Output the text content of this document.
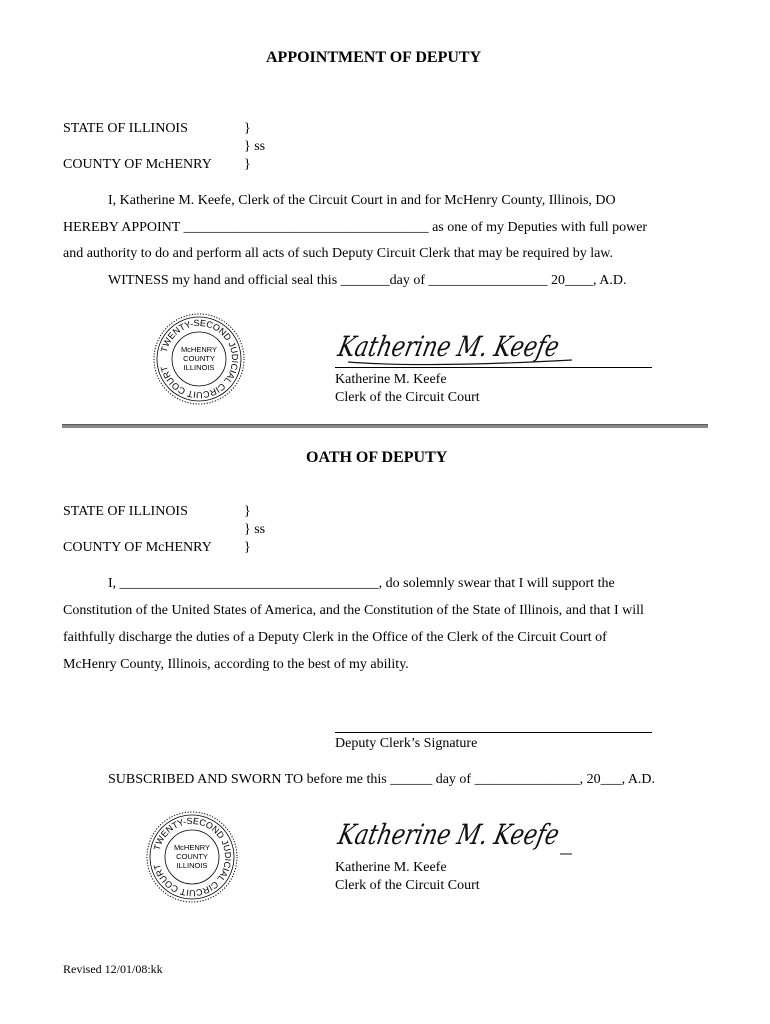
APPOINTMENT OF DEPUTY
STATE OF ILLINOIS	}
} ss
COUNTY OF McHENRY }
I, Katherine M. Keefe, Clerk of the Circuit Court in and for McHenry County, Illinois, DO
HEREBY APPOINT ___________________________________ as one of my Deputies with full power
and authority to do and perform all acts of such Deputy Circuit Clerk that may be required by law.
WITNESS my hand and official seal this _______day of _________________ 20____, A.D.
TWENTY-SECOND JUDICIAL CIRCUIT COURT
McHENRY
COUNTY
ILLINOIS
Katherine M. Keefe
Katherine M. Keefe
Clerk of the Circuit Court
OATH OF DEPUTY
STATE OF ILLINOIS	}
} ss
COUNTY OF McHENRY }
I, _____________________________________, do solemnly swear that I will support the
Constitution of the United States of America, and the Constitution of the State of Illinois, and that I will
faithfully discharge the duties of a Deputy Clerk in the Office of the Clerk of the Circuit Court of
McHenry County, Illinois, according to the best of my ability.
Deputy Clerk’s Signature
SUBSCRIBED AND SWORN TO before me this ______ day of _______________, 20___, A.D.
TWENTY-SECOND JUDICIAL CIRCUIT COURT
McHENRY
COUNTY
ILLINOIS
Katherine M. Keefe
Katherine M. Keefe
Clerk of the Circuit Court
Revised 12/01/08:kk
